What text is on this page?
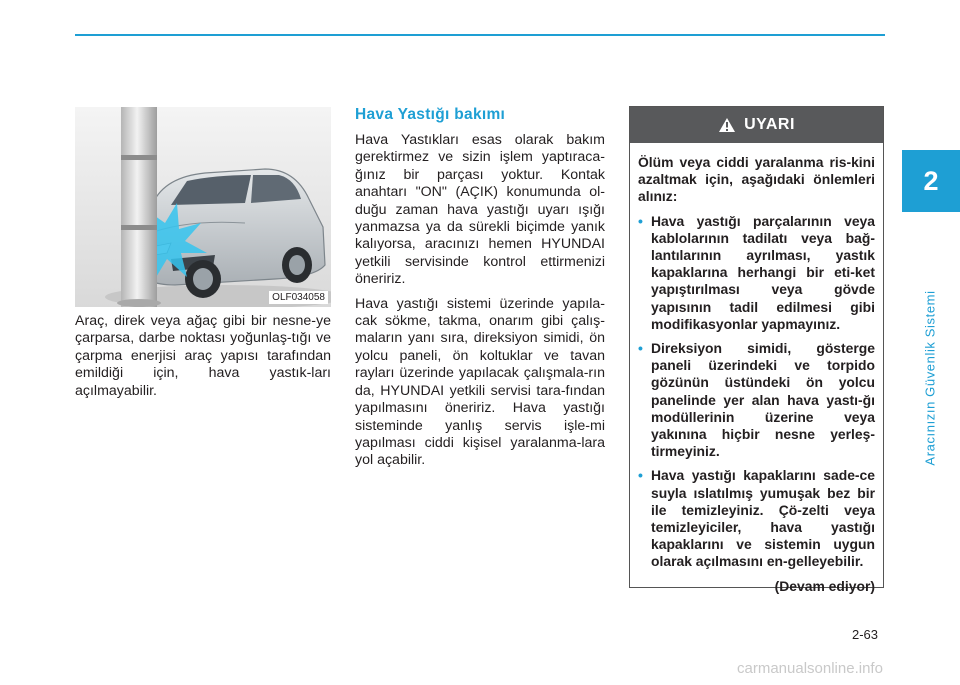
2
Aracınızın Güvenlik Sistemi
OLF034058
Araç, direk veya ağaç gibi bir nesne-ye çarparsa, darbe noktası yoğunlaş-tığı ve çarpma enerjisi araç yapısı tarafından emildiği için, hava yastık-ları açılmayabilir.
Hava Yastığı bakımı

Hava Yastıkları esas olarak bakım gerektirmez ve sizin işlem yaptıraca-ğınız bir parçası yoktur. Kontak anahtarı "ON" (AÇIK) konumunda ol-duğu zaman hava yastığı uyarı ışığı yanmazsa ya da sürekli biçimde yanık kalıyorsa, aracınızı hemen HYUNDAI yetkili servisinde kontrol ettirmenizi öneririz.

Hava yastığı sistemi üzerinde yapıla-cak sökme, takma, onarım gibi çalış-maların yanı sıra, direksiyon simidi, ön yolcu paneli, ön koltuklar ve tavan rayları üzerinde yapılacak çalışmala-rın da, HYUNDAI yetkili servisi tara-fından yapılmasını öneririz. Hava yastığı sisteminde yanlış servis işle-mi yapılması ciddi kişisel yaralanma-lara yol açabilir.

UYARI

Ölüm veya ciddi yaralanma ris-kini azaltmak için, aşağıdaki önlemleri alınız:

• Hava yastığı parçalarının veya kablolarının tadilatı veya bağ-lantılarının ayrılması, yastık kapaklarına herhangi bir eti-ket yapıştırılması veya gövde yapısının tadil edilmesi gibi modifikasyonlar yapmayınız.
• Direksiyon simidi, gösterge paneli üzerindeki ve torpido gözünün üstündeki ön yolcu panelinde yer alan hava yastı-ğı modüllerinin üzerine veya yakınına hiçbir nesne yerleş-tirmeyiniz.
• Hava yastığı kapaklarını sade-ce suyla ıslatılmış yumuşak bez bir ile temizleyiniz. Çö-zelti veya temizleyiciler, hava yastığı kapaklarını ve sistemin uygun olarak açılmasını en-gelleyebilir.
(Devam ediyor)
2-63
carmanualsonline.info
